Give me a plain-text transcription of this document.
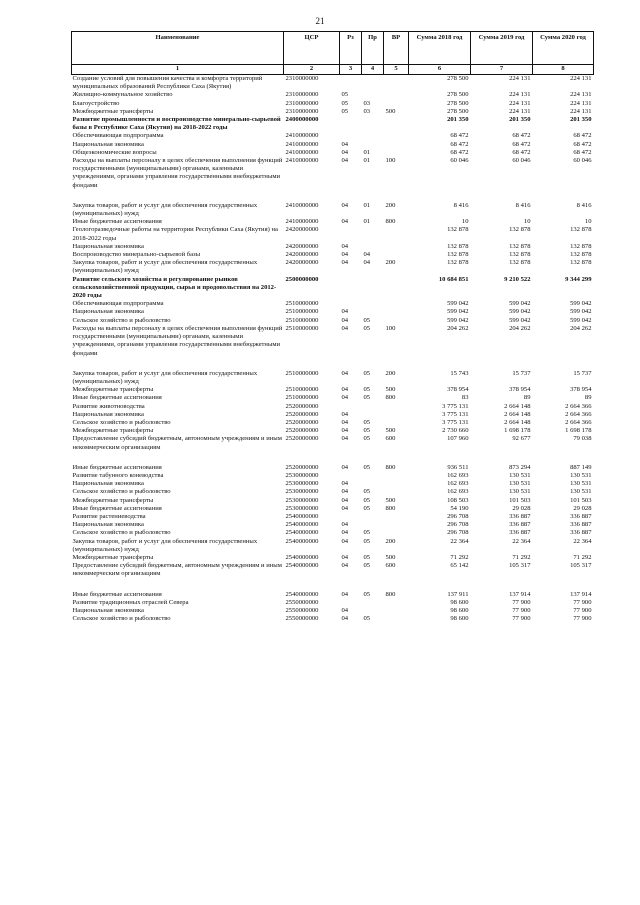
21
Наименование	ЦСР	Рз	Пр	ВР	Сумма 2018 год	Сумма 2019 год	Сумма 2020 год
1	2	3	4	5	6	7	8
Создание условий для повышения качества и комфорта территорий муниципальных образований Республики Саха (Якутия)	2310000000				278 500	224 131	224 131
Жилищно-коммунальное хозяйство	2310000000	05			278 500	224 131	224 131
Благоустройство	2310000000	05	03		278 500	224 131	224 131
Межбюджетные трансферты	2310000000	05	03	500	278 500	224 131	224 131
Развитие промышленности и воспроизводство минерально-сырьевой базы в Республике Саха (Якутия) на 2018-2022 годы	2400000000				201 350	201 350	201 350
Обеспечивающая подпрограмма	2410000000				68 472	68 472	68 472
Национальная экономика	2410000000	04			68 472	68 472	68 472
Общеэкономические вопросы	2410000000	04	01		68 472	68 472	68 472
Расходы на выплаты персоналу в целях обеспечения выполнения функций государственными (муниципальными) органами, казенными учреждениями, органами управления государственными внебюджетными фондами	2410000000	04	01	100	60 046	60 046	60 046

Закупка товаров, работ и услуг для обеспечения государственных (муниципальных) нужд	2410000000	04	01	200	8 416	8 416	8 416
Иные бюджетные ассигнования	2410000000	04	01	800	10	10	10
Геологоразведочные работы на территории Республики Саха (Якутия) на 2018-2022 годы	2420000000				132 878	132 878	132 878
Национальная экономика	2420000000	04			132 878	132 878	132 878
Воспроизводство минерально-сырьевой базы	2420000000	04	04		132 878	132 878	132 878
Закупка товаров, работ и услуг для обеспечения государственных (муниципальных) нужд	2420000000	04	04	200	132 878	132 878	132 878
Развитие сельского хозяйства и регулирование рынков сельскохозяйственной продукции, сырья и продовольствия на 2012-2020 годы	2500000000				10 684 851	9 210 522	9 344 299
Обеспечивающая подпрограмма	2510000000				599 042	599 042	599 042
Национальная экономика	2510000000	04			599 042	599 042	599 042
Сельское хозяйство и рыболовство	2510000000	04	05		599 042	599 042	599 042
Расходы на выплаты персоналу в целях обеспечения выполнения функций государственными (муниципальными) органами, казенными учреждениями, органами управления государственными внебюджетными фондами	2510000000	04	05	100	204 262	204 262	204 262

Закупка товаров, работ и услуг для обеспечения государственных (муниципальных) нужд	2510000000	04	05	200	15 743	15 737	15 737
Межбюджетные трансферты	2510000000	04	05	500	378 954	378 954	378 954
Иные бюджетные ассигнования	2510000000	04	05	800	83	89	89
Развитие животноводства	2520000000				3 775 131	2 664 148	2 664 366
Национальная экономика	2520000000	04			3 775 131	2 664 148	2 664 366
Сельское хозяйство и рыболовство	2520000000	04	05		3 775 131	2 664 148	2 664 366
Межбюджетные трансферты	2520000000	04	05	500	2 730 660	1 698 178	1 698 178
Предоставление субсидий бюджетным, автономным учреждениям и иным некоммерческим организациям	2520000000	04	05	600	107 960	92 677	79 038

Иные бюджетные ассигнования	2520000000	04	05	800	936 511	873 294	887 149
Развитие табунного коневодства	2530000000				162 693	130 531	130 531
Национальная экономика	2530000000	04			162 693	130 531	130 531
Сельское хозяйство и рыболовство	2530000000	04	05		162 693	130 531	130 531
Межбюджетные трансферты	2530000000	04	05	500	108 503	101 503	101 503
Иные бюджетные ассигнования	2530000000	04	05	800	54 190	29 028	29 028
Развитие растениеводства	2540000000				296 708	336 887	336 887
Национальная экономика	2540000000	04			296 708	336 887	336 887
Сельское хозяйство и рыболовство	2540000000	04	05		296 708	336 887	336 887
Закупка товаров, работ и услуг для обеспечения государственных (муниципальных) нужд	2540000000	04	05	200	22 364	22 364	22 364
Межбюджетные трансферты	2540000000	04	05	500	71 292	71 292	71 292
Предоставление субсидий бюджетным, автономным учреждениям и иным некоммерческим организациям	2540000000	04	05	600	65 142	105 317	105 317

Иные бюджетные ассигнования	2540000000	04	05	800	137 911	137 914	137 914
Развитие традиционных отраслей Севера	2550000000				98 600	77 900	77 900
Национальная экономика	2550000000	04			98 600	77 900	77 900
Сельское хозяйство и рыболовство	2550000000	04	05		98 600	77 900	77 900
